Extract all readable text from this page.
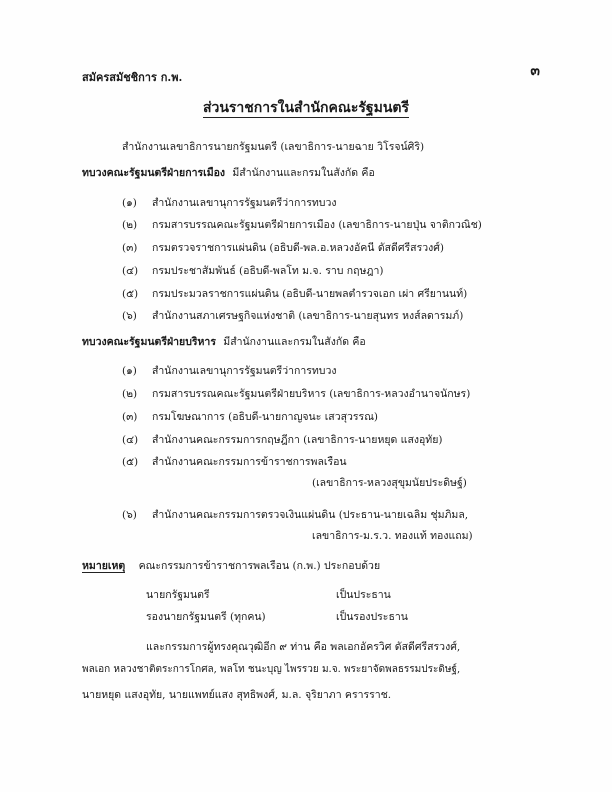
สมัครสมัชชิการ ก.พ.	๓
ส่วนราชการในสำนักคณะรัฐมนตรี
สำนักงานเลขาธิการนายกรัฐมนตรี (เลขาธิการ-นายฉาย วิโรจน์ศิริ)
ทบวงคณะรัฐมนตรีฝ่ายการเมือง มีสำนักงานและกรมในสังกัด คือ
(๑) สำนักงานเลขานุการรัฐมนตรีว่าการทบวง
(๒) กรมสารบรรณคณะรัฐมนตรีฝ่ายการเมือง (เลขาธิการ-นายปุ่น จาติกวณิช)
(๓) กรมตรวจราชการแผ่นดิน (อธิบดี-พล.อ.หลวงอัคนี ดัสดีศรีสรวงศ์)
(๔) กรมประชาสัมพันธ์ (อธิบดี-พลโท ม.จ. ราบ กฤษฎา)
(๕) กรมประมวลราชการแผ่นดิน (อธิบดี-นายพลตำรวจเอก เผ่า ศรียานนท์)
(๖) สำนักงานสภาเศรษฐกิจแห่งชาติ (เลขาธิการ-นายสุนทร หงส์ลดารมภ์)
ทบวงคณะรัฐมนตรีฝ่ายบริหาร มีสำนักงานและกรมในสังกัด คือ
(๑) สำนักงานเลขานุการรัฐมนตรีว่าการทบวง
(๒) กรมสารบรรณคณะรัฐมนตรีฝ่ายบริหาร (เลขาธิการ-หลวงอำนาจนักษร)
(๓) กรมโฆษณาการ (อธิบดี-นายกาญจนะ เสวสุวรรณ)
(๔) สำนักงานคณะกรรมการกฤษฎีกา (เลขาธิการ-นายหยุด แสงอุทัย)
(๕) สำนักงานคณะกรรมการข้าราชการพลเรือน
(เลขาธิการ-หลวงสุขุมนัยประดิษฐ์)
(๖) สำนักงานคณะกรรมการตรวจเงินแผ่นดิน (ประธาน-นายเฉลิม ชุ่มภิมล,
เลขาธิการ-ม.ร.ว. ทองแท้ ทองแถม)
หมายเหตุ คณะกรรมการข้าราชการพลเรือน (ก.พ.) ประกอบด้วย
นายกรัฐมนตรี	เป็นประธาน
รองนายกรัฐมนตรี (ทุกคน)	เป็นรองประธาน
และกรรมการผู้ทรงคุณวุฒิอีก ๙ ท่าน คือ พลเอกอัครวิศ ดัสดีศรีสรวงศ์,
พลเอก หลวงชาติตระการโกศล, พลโท ชนะบุญ ไพรรวย ม.จ. พระยาจัดพลธรรมประดิษฐ์,
นายหยุด แสงอุทัย, นายแพทย์แสง สุทธิพงศ์, ม.ล. จุริยาภา ครารราช.
